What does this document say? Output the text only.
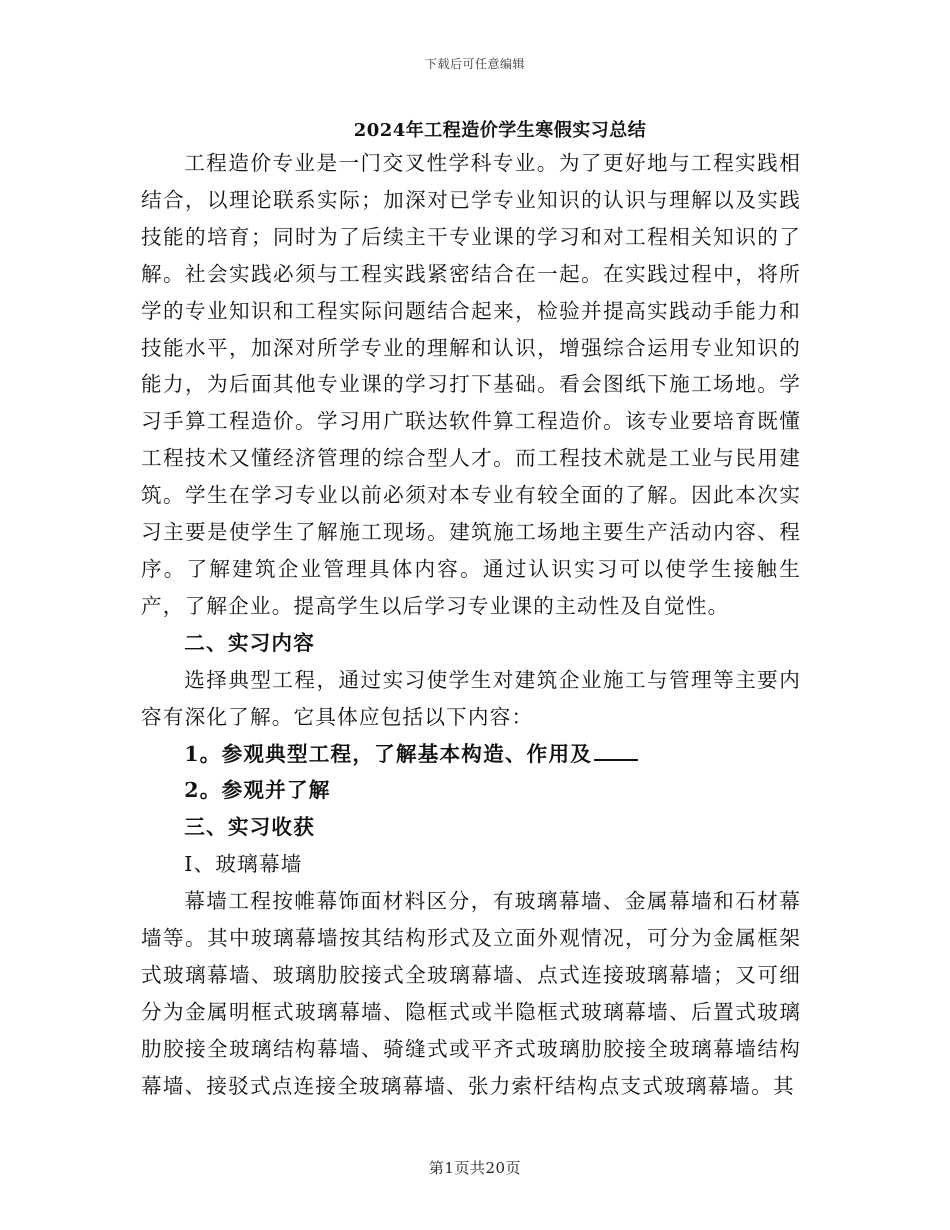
下载后可任意编辑
2024年工程造价学生寒假实习总结

工程造价专业是一门交叉性学科专业。为了更好地与工程实践相结合，以理论联系实际；加深对已学专业知识的认识与理解以及实践技能的培育；同时为了后续主干专业课的学习和对工程相关知识的了解。社会实践必须与工程实践紧密结合在一起。在实践过程中，将所学的专业知识和工程实际问题结合起来，检验并提高实践动手能力和技能水平，加深对所学专业的理解和认识，增强综合运用专业知识的能力，为后面其他专业课的学习打下基础。看会图纸下施工场地。学习手算工程造价。学习用广联达软件算工程造价。该专业要培育既懂工程技术又懂经济管理的综合型人才。而工程技术就是工业与民用建筑。学生在学习专业以前必须对本专业有较全面的了解。因此本次实习主要是使学生了解施工现场。建筑施工场地主要生产活动内容、程序。了解建筑企业管理具体内容。通过认识实习可以使学生接触生产，了解企业。提高学生以后学习专业课的主动性及自觉性。

二、实习内容

选择典型工程，通过实习使学生对建筑企业施工与管理等主要内容有深化了解。它具体应包括以下内容：

1。参观典型工程，了解基本构造、作用及

2。参观并了解

三、实习收获

I、玻璃幕墙

幕墙工程按帷幕饰面材料区分，有玻璃幕墙、金属幕墙和石材幕墙等。其中玻璃幕墙按其结构形式及立面外观情况，可分为金属框架式玻璃幕墙、玻璃肋胶接式全玻璃幕墙、点式连接玻璃幕墙；又可细分为金属明框式玻璃幕墙、隐框式或半隐框式玻璃幕墙、后置式玻璃肋胶接全玻璃结构幕墙、骑缝式或平齐式玻璃肋胶接全玻璃幕墙结构幕墙、接驳式点连接全玻璃幕墙、张力索杆结构点支式玻璃幕墙。其

第1页共20页
